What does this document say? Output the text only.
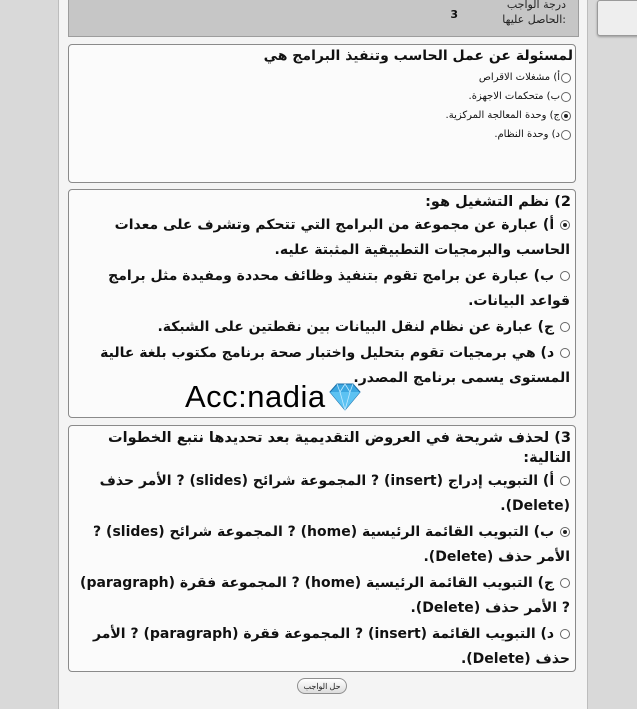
درجة الواجب
الحاصل عليها:
3
لمسئولة عن عمل الحاسب وتنفيذ البرامج هي
أ) مشغلات الاقراص
ب) متحكمات الاجهزة.
ج) وحدة المعالجة المركزية.
د) وحدة النظام.
2) نظم التشغيل هو:
أ) عبارة عن مجموعة من البرامج التي تتحكم وتشرف على معدات الحاسب والبرمجيات التطبيقية المثبتة عليه.
ب) عبارة عن برامج تقوم بتنفيذ وظائف محددة ومفيدة مثل برامج قواعد البيانات.
ج) عبارة عن نظام لنقل البيانات بين نقطتين على الشبكة.
د) هي برمجيات تقوم بتحليل واختبار صحة برنامج مكتوب بلغة عالية المستوى يسمى برنامج المصدر.
Acc:nadia
3) لحذف شريحة في العروض التقديمية بعد تحديدها نتبع الخطوات التالية:
أ) التبويب إدراج (insert) ? المجموعة شرائح (slides) ? الأمر حذف (Delete).
ب) التبويب القائمة الرئيسية (home) ? المجموعة شرائح (slides) ? الأمر حذف (Delete).
ج) التبويب القائمة الرئيسية (home) ? المجموعة فقرة (paragraph) ? الأمر حذف (Delete).
د) التبويب القائمة (insert) ? المجموعة فقرة (paragraph) ? الأمر حذف (Delete).
حل الواجب
